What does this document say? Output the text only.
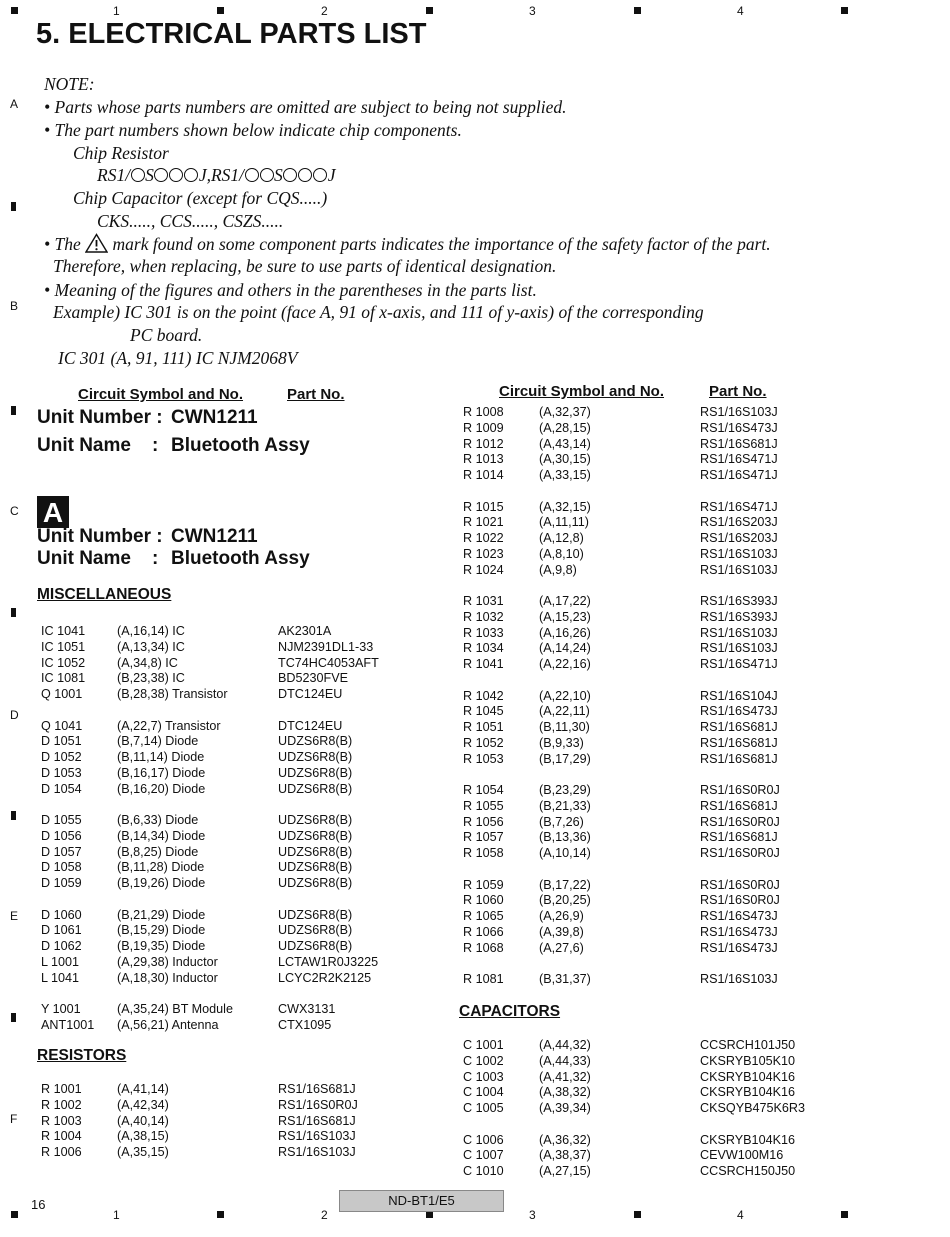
1	2	3	4
1	2	3	4
A
B
C
D
E
F
5. ELECTRICAL PARTS LIST
NOTE:
• Parts whose parts numbers are omitted are subject to being not supplied.
• The part numbers shown below indicate chip components.
Chip Resistor
RS1/ S	J,RS1/ S	J
Chip Capacitor (except for CQS.....)
CKS....., CCS....., CSZS.....
• The mark found on some component parts indicates the importance of the safety factor of the part.
Therefore, when replacing, be sure to use parts of identical designation.
• Meaning of the figures and others in the parentheses in the parts list.
Example) IC 301 is on the point (face A, 91 of x-axis, and 111 of y-axis) of the corresponding
PC board.
IC 301 (A, 91, 111) IC NJM2068V
Circuit Symbol and No.	Part No.
Unit Number : CWN1211
Unit Name : Bluetooth Assy
A
Unit Number : CWN1211
Unit Name : Bluetooth Assy
MISCELLANEOUS
IC 1041	(A,16,14) IC	AK2301A
IC 1051	(A,13,34) IC	NJM2391DL1-33
IC 1052	(A,34,8) IC	TC74HC4053AFT
IC 1081	(B,23,38) IC	BD5230FVE
Q 1001	(B,28,38) Transistor	DTC124EU
Q 1041	(A,22,7) Transistor	DTC124EU
D 1051	(B,7,14) Diode	UDZS6R8(B)
D 1052	(B,11,14) Diode	UDZS6R8(B)
D 1053	(B,16,17) Diode	UDZS6R8(B)
D 1054	(B,16,20) Diode	UDZS6R8(B)
D 1055	(B,6,33) Diode	UDZS6R8(B)
D 1056	(B,14,34) Diode	UDZS6R8(B)
D 1057	(B,8,25) Diode	UDZS6R8(B)
D 1058	(B,11,28) Diode	UDZS6R8(B)
D 1059	(B,19,26) Diode	UDZS6R8(B)
D 1060	(B,21,29) Diode	UDZS6R8(B)
D 1061	(B,15,29) Diode	UDZS6R8(B)
D 1062	(B,19,35) Diode	UDZS6R8(B)
L 1001	(A,29,38) Inductor	LCTAW1R0J3225
L 1041	(A,18,30) Inductor	LCYC2R2K2125
Y 1001	(A,35,24) BT Module	CWX3131
ANT1001 (A,56,21) Antenna	CTX1095
RESISTORS
R 1001	(A,41,14)	RS1/16S681J
R 1002	(A,42,34)	RS1/16S0R0J
R 1003	(A,40,14)	RS1/16S681J
R 1004	(A,38,15)	RS1/16S103J
R 1006	(A,35,15)	RS1/16S103J
Circuit Symbol and No.	Part No.
R 1008	(A,32,37)	RS1/16S103J
R 1009	(A,28,15)	RS1/16S473J
R 1012	(A,43,14)	RS1/16S681J
R 1013	(A,30,15)	RS1/16S471J
R 1014	(A,33,15)	RS1/16S471J
R 1015	(A,32,15)	RS1/16S471J
R 1021	(A,11,11)	RS1/16S203J
R 1022	(A,12,8)	RS1/16S203J
R 1023	(A,8,10)	RS1/16S103J
R 1024	(A,9,8)	RS1/16S103J
R 1031	(A,17,22)	RS1/16S393J
R 1032	(A,15,23)	RS1/16S393J
R 1033	(A,16,26)	RS1/16S103J
R 1034	(A,14,24)	RS1/16S103J
R 1041	(A,22,16)	RS1/16S471J
R 1042	(A,22,10)	RS1/16S104J
R 1045	(A,22,11)	RS1/16S473J
R 1051	(B,11,30)	RS1/16S681J
R 1052	(B,9,33)	RS1/16S681J
R 1053	(B,17,29)	RS1/16S681J
R 1054	(B,23,29)	RS1/16S0R0J
R 1055	(B,21,33)	RS1/16S681J
R 1056	(B,7,26)	RS1/16S0R0J
R 1057	(B,13,36)	RS1/16S681J
R 1058	(A,10,14)	RS1/16S0R0J
R 1059	(B,17,22)	RS1/16S0R0J
R 1060	(B,20,25)	RS1/16S0R0J
R 1065	(A,26,9)	RS1/16S473J
R 1066	(A,39,8)	RS1/16S473J
R 1068	(A,27,6)	RS1/16S473J
R 1081	(B,31,37)	RS1/16S103J
CAPACITORS
C 1001	(A,44,32)	CCSRCH101J50
C 1002	(A,44,33)	CKSRYB105K10
C 1003	(A,41,32)	CKSRYB104K16
C 1004	(A,38,32)	CKSRYB104K16
C 1005	(A,39,34)	CKSQYB475K6R3
C 1006	(A,36,32)	CKSRYB104K16
C 1007	(A,38,37)	CEVW100M16
C 1010	(A,27,15)	CCSRCH150J50
16	ND-BT1/E5
